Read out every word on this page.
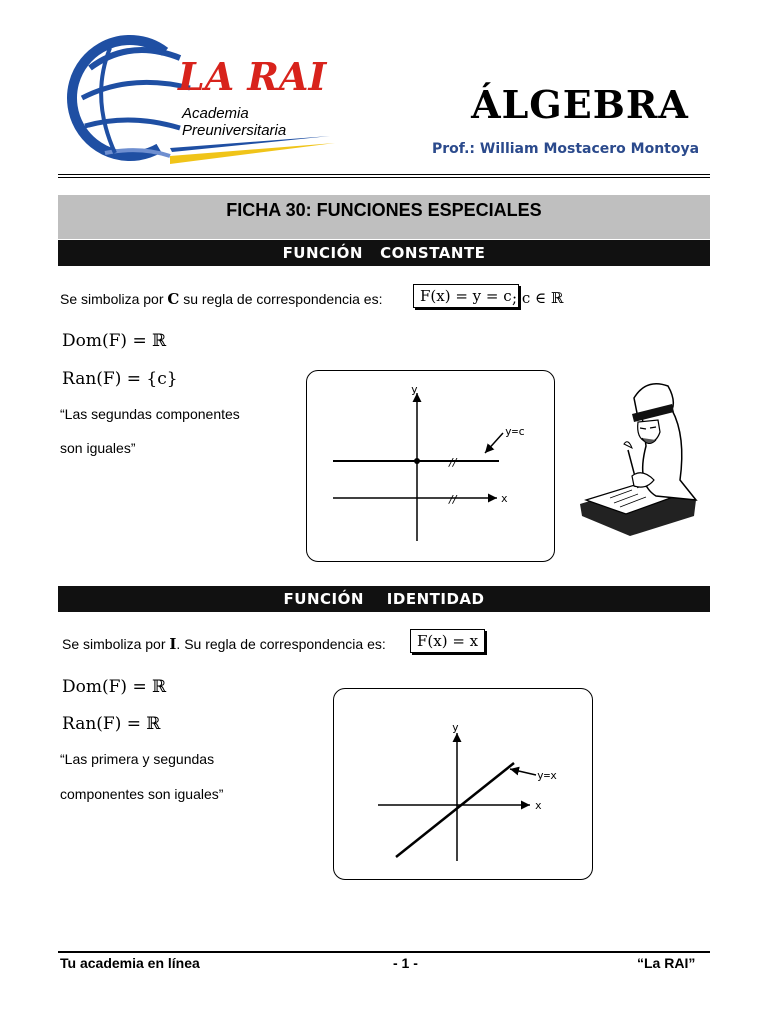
LA RAI
Academia
Preuniversitaria
ÁLGEBRA
Prof.: William Mostacero Montoya
FICHA 30: FUNCIONES ESPECIALES
FUNCIÓN   CONSTANTE
Se simboliza por C su regla de correspondencia es:	F(x) = y = c ; c ∈ ℝ
Dom(F) = ℝ
Ran(F) = {c}
“Las segundas componentes
son iguales”
y
x
//
//
y=c
FUNCIÓN    IDENTIDAD
Se simboliza por I. Su regla de correspondencia es:	F(x) = x
Dom(F) = ℝ
Ran(F) = ℝ
“Las primera y segundas
componentes son iguales”
y
x
y=x
Tu academia en línea	- 1 -	“La RAI”
